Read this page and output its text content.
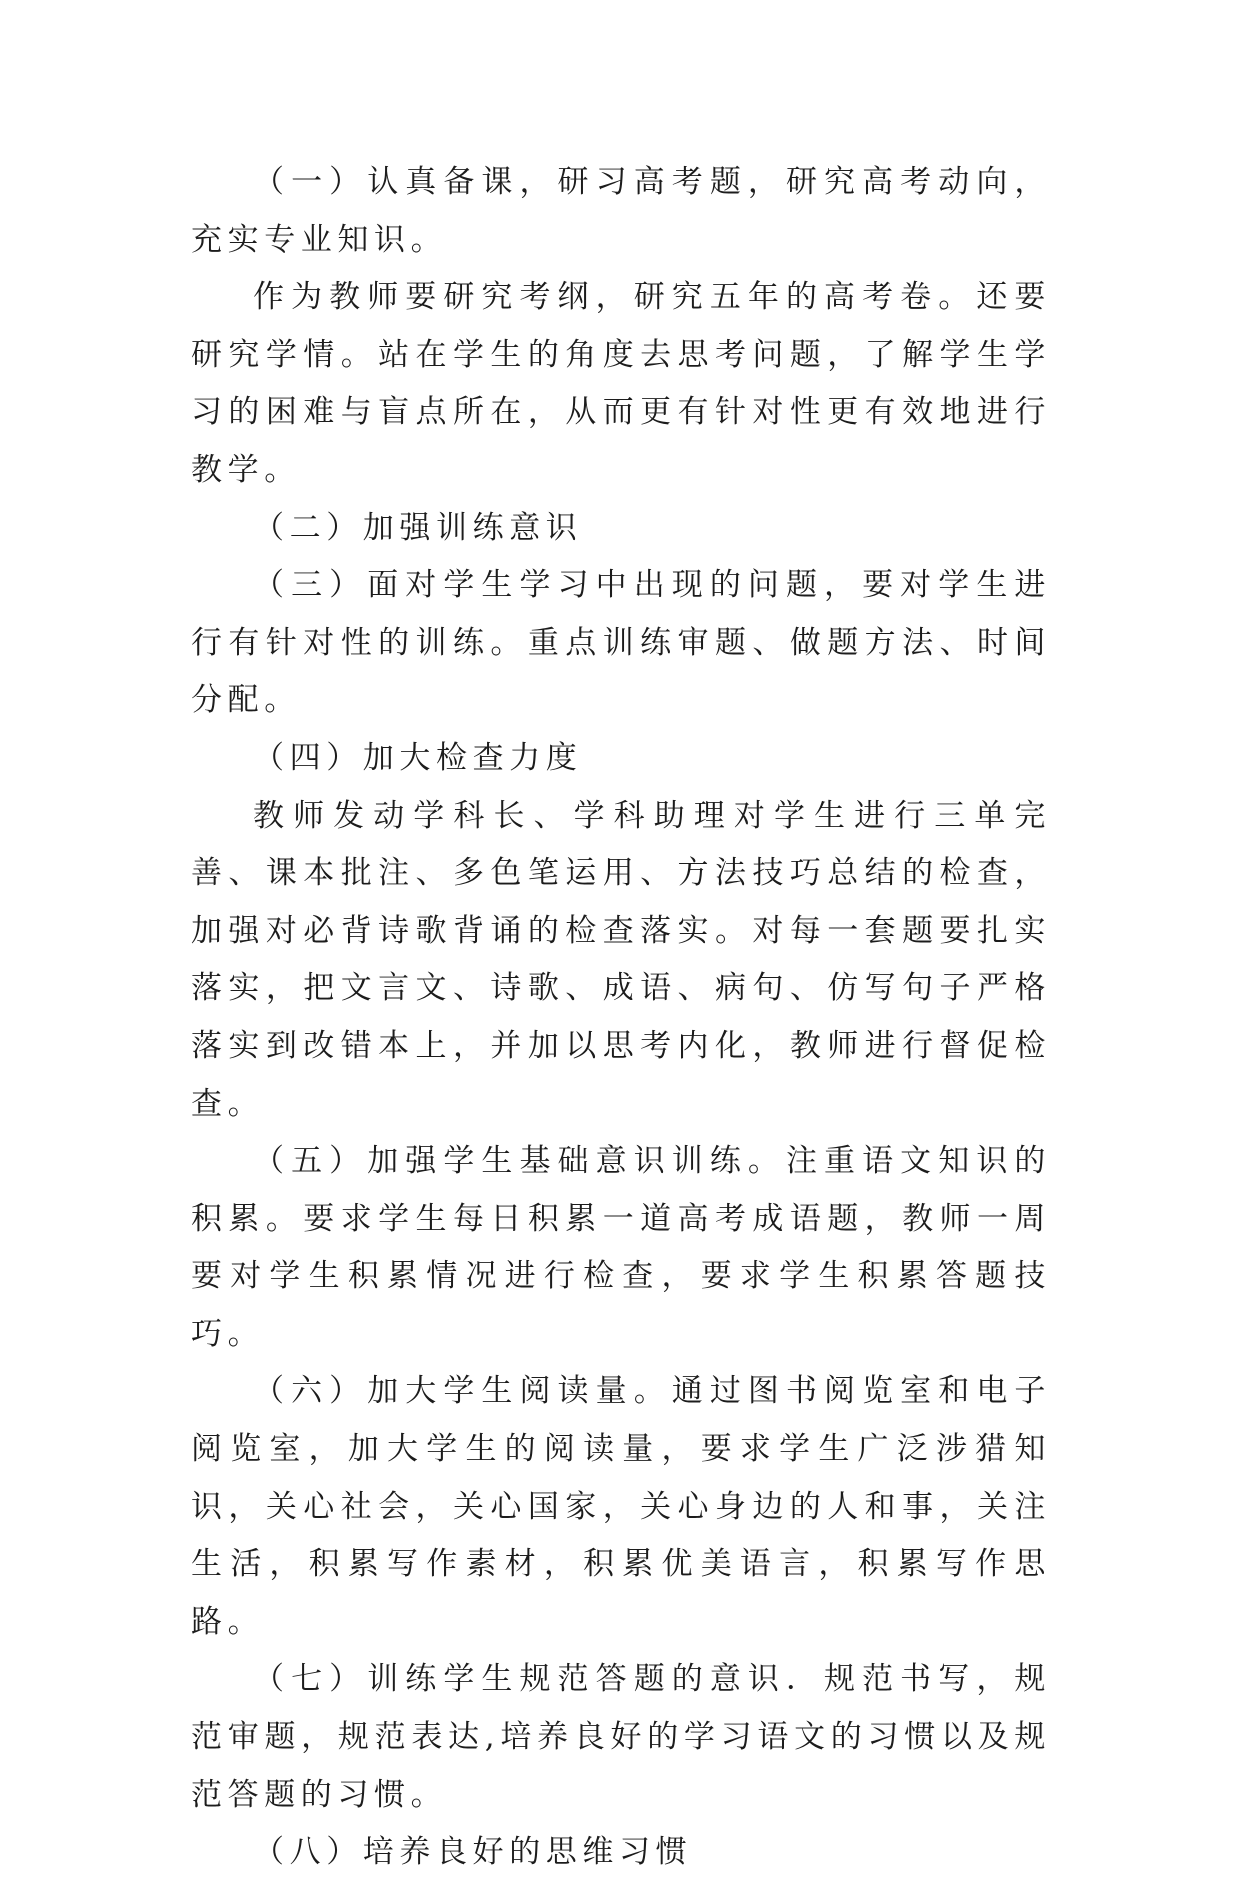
（一）认真备课，研习高考题，研究高考动向，充实专业知识。

作为教师要研究考纲，研究五年的高考卷。还要研究学情。站在学生的角度去思考问题，了解学生学习的困难与盲点所在，从而更有针对性更有效地进行教学。

（二）加强训练意识

（三）面对学生学习中出现的问题，要对学生进行有针对性的训练。重点训练审题、做题方法、时间分配。

（四）加大检查力度

教师发动学科长、学科助理对学生进行三单完善、课本批注、多色笔运用、方法技巧总结的检查，加强对必背诗歌背诵的检查落实。对每一套题要扎实落实，把文言文、诗歌、成语、病句、仿写句子严格落实到改错本上，并加以思考内化，教师进行督促检查。

（五）加强学生基础意识训练。注重语文知识的积累。要求学生每日积累一道高考成语题，教师一周要对学生积累情况进行检查，要求学生积累答题技巧。

（六）加大学生阅读量。通过图书阅览室和电子阅览室，加大学生的阅读量，要求学生广泛涉猎知识，关心社会，关心国家，关心身边的人和事，关注生活，积累写作素材，积累优美语言，积累写作思路。

（七）训练学生规范答题的意识．规范书写，规范审题，规范表达,培养良好的学习语文的习惯以及规范答题的习惯。

（八）培养良好的思维习惯
